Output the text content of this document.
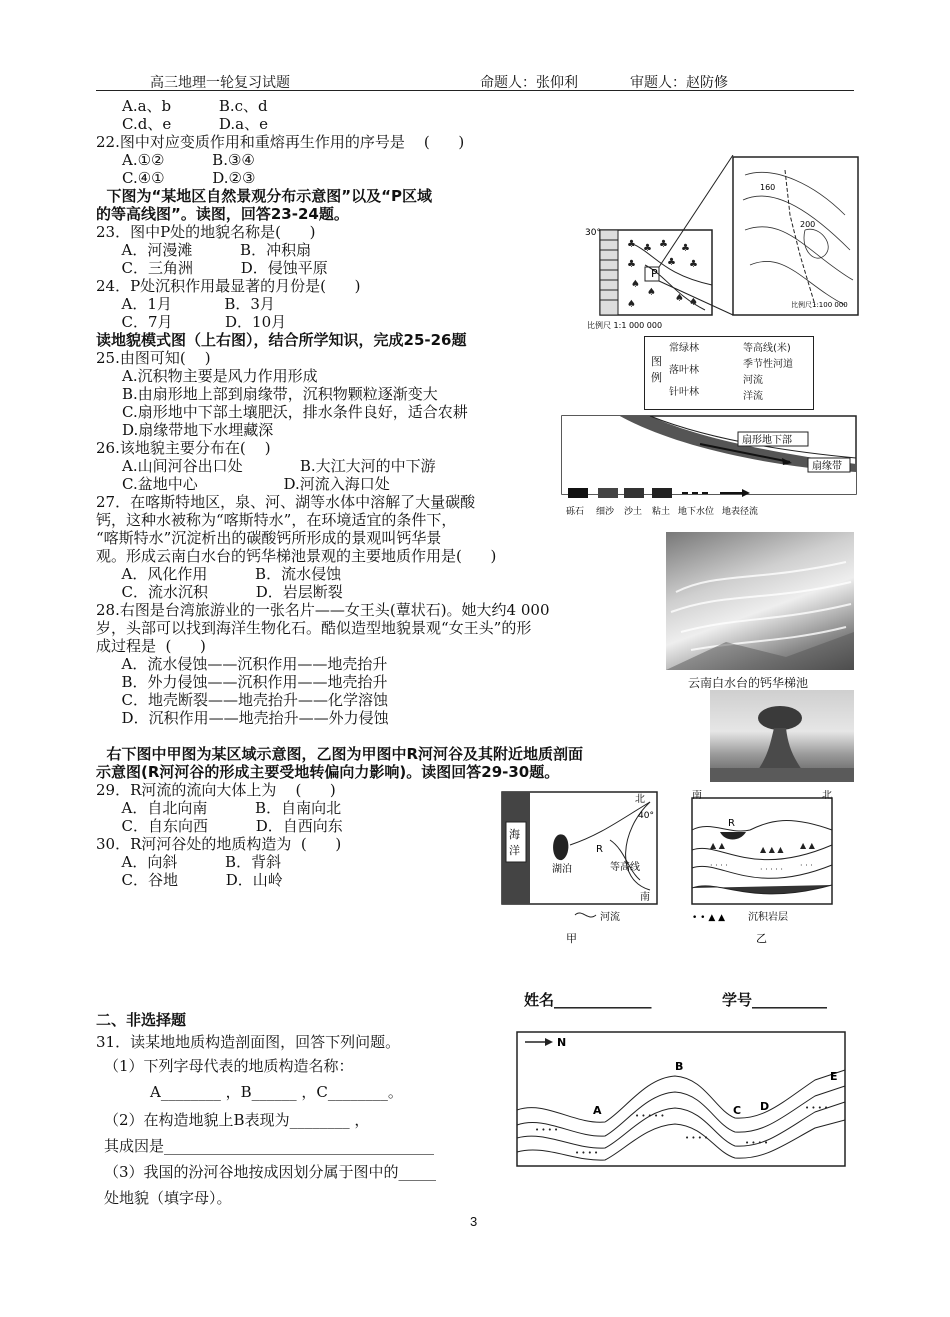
高三地理一轮复习试题	命题人：张仰利	审题人：赵防修
A.a、b          B.c、d
C.d、e          D.a、e
22.图中对应变质作用和重熔再生作用的序号是    (      )
A.①②          B.③④
C.④①          D.②③
下图为“某地区自然景观分布示意图”以及“P区域
的等高线图”。读图，回答23-24题。
23．图中P处的地貌名称是(      )
A．河漫滩          B．冲积扇
C．三角洲          D．侵蚀平原
24．P处沉积作用最显著的月份是(      )
A．1月           B．3月
C．7月           D．10月
读地貌模式图（上右图），结合所学知识，完成25-26题
25.由图可知(    )
A.沉积物主要是风力作用形成
B.由扇形地上部到扇缘带，沉积物颗粒逐渐变大
C.扇形地中下部土壤肥沃，排水条件良好，适合农耕
D.扇缘带地下水埋藏深
26.该地貌主要分布在(    )
A.山间河谷出口处            B.大江大河的中下游
C.盆地中心                  D.河流入海口处
27．在喀斯特地区，泉、河、湖等水体中溶解了大量碳酸
钙，这种水被称为“喀斯特水”，在环境适宜的条件下，
“喀斯特水”沉淀析出的碳酸钙所形成的景观叫钙华景
观。形成云南白水台的钙华梯池景观的主要地质作用是(      )
A．风化作用          B．流水侵蚀
C．流水沉积          D．岩层断裂
28.右图是台湾旅游业的一张名片——女王头(蕈状石)。她大约4 000
岁，头部可以找到海洋生物化石。酷似造型地貌景观“女王头”的形
成过程是  (      )
A．流水侵蚀——沉积作用——地壳抬升
B．外力侵蚀——沉积作用——地壳抬升
C．地壳断裂——地壳抬升——化学溶蚀
D．沉积作用——地壳抬升——外力侵蚀
右下图中甲图为某区域示意图，乙图为甲图中R河河谷及其附近地质剖面
示意图(R河河谷的形成主要受地转偏向力影响)。读图回答29-30题。
29．R河流的流向大体上为    (      )
A．自北向南          B．自南向北
C．自东向西          D．自西向东
30．R河河谷处的地质构造为  (      )
A．向斜          B．背斜
C．谷地          D．山岭
二、非选择题
31．读某地地质构造剖面图，回答下列问题。
（1）下列字母代表的地质构造名称：
A________ ，B______ ，C________。
（2）在构造地貌上B表现为________ ，
其成因是____________________________________
（3）我国的汾河谷地按成因划分属于图中的_____
处地貌（填字母）。
姓名_____________	学号__________
♣ ♣ ♣ ♣
♣	♣ ♣
♠
♠
♠
♠	♠
P
30°
比例尺 1:1 000 000
160
200
比例尺1:100 000
图例
常绿林
落叶林
针叶林
等高线(米)
季节性河道
河流
洋流
扇形地下部
扇缘带
砾石 细沙 沙土 粘土 地下水位 地表径流
云南白水台的钙华梯池
海
洋
湖泊
R
等高线
北
40°
南
河流
甲
南	北
R
▲ ▲	▲ ▲ ▲ ▲ ▲
· · · ·	· · · · · · · ·
• • ▲ ▲ 沉积岩层
乙
N
• • • •
• • • • •
• • • •
• • • •
• • • •
• • • •
A
B
C D
E
3
